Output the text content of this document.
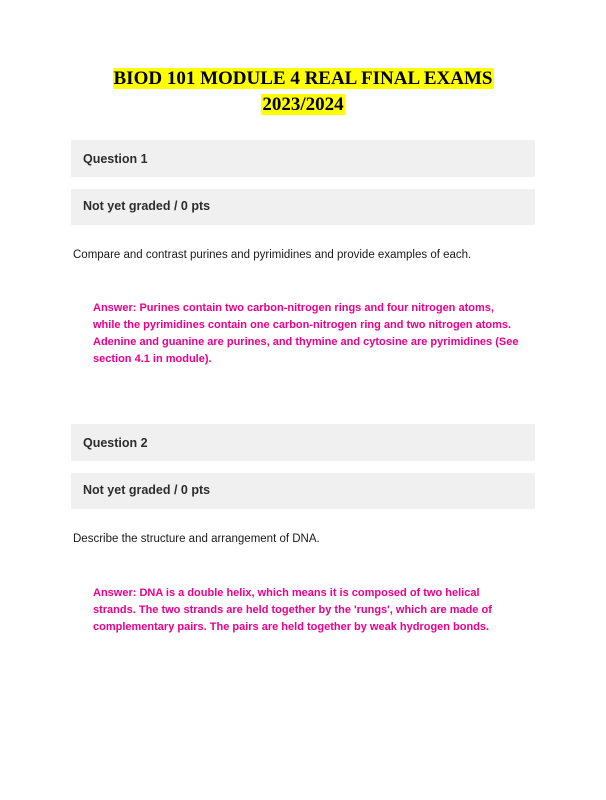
BIOD 101 MODULE 4 REAL FINAL EXAMS
2023/2024

Question 1

Not yet graded / 0 pts

Compare and contrast purines and pyrimidines and provide examples of each.

Answer: Purines contain two carbon-nitrogen rings and four nitrogen atoms, while the pyrimidines contain one carbon-nitrogen ring and two nitrogen atoms. Adenine and guanine are purines, and thymine and cytosine are pyrimidines (See section 4.1 in module).

Question 2

Not yet graded / 0 pts

Describe the structure and arrangement of DNA.

Answer: DNA is a double helix, which means it is composed of two helical strands. The two strands are held together by the 'rungs', which are made of complementary pairs. The pairs are held together by weak hydrogen bonds.
